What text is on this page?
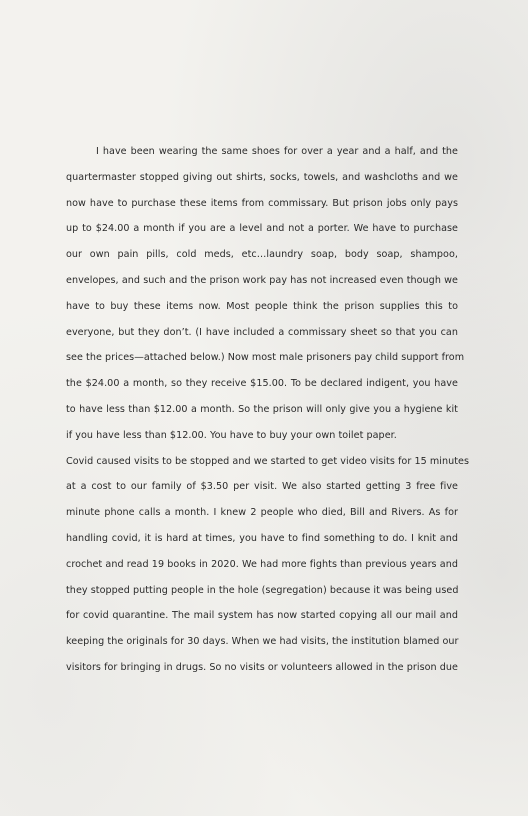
I have been wearing the same shoes for over a year and a half, and the
quartermaster stopped giving out shirts, socks, towels, and washcloths and we
now have to purchase these items from commissary. But prison jobs only pays
up to $24.00 a month if you are a level and not a porter. We have to purchase
our own pain pills, cold meds, etc…laundry soap, body soap, shampoo,
envelopes, and such and the prison work pay has not increased even though we
have to buy these items now. Most people think the prison supplies this to
everyone, but they don’t. (I have included a commissary sheet so that you can
see the prices—attached below.) Now most male prisoners pay child support from
the $24.00 a month, so they receive $15.00. To be declared indigent, you have
to have less than $12.00 a month. So the prison will only give you a hygiene kit
if you have less than $12.00. You have to buy your own toilet paper.
Covid caused visits to be stopped and we started to get video visits for 15 minutes
at a cost to our family of $3.50 per visit. We also started getting 3 free five
minute phone calls a month. I knew 2 people who died, Bill and Rivers. As for
handling covid, it is hard at times, you have to find something to do. I knit and
crochet and read 19 books in 2020. We had more fights than previous years and
they stopped putting people in the hole (segregation) because it was being used
for covid quarantine. The mail system has now started copying all our mail and
keeping the originals for 30 days. When we had visits, the institution blamed our
visitors for bringing in drugs. So no visits or volunteers allowed in the prison due
